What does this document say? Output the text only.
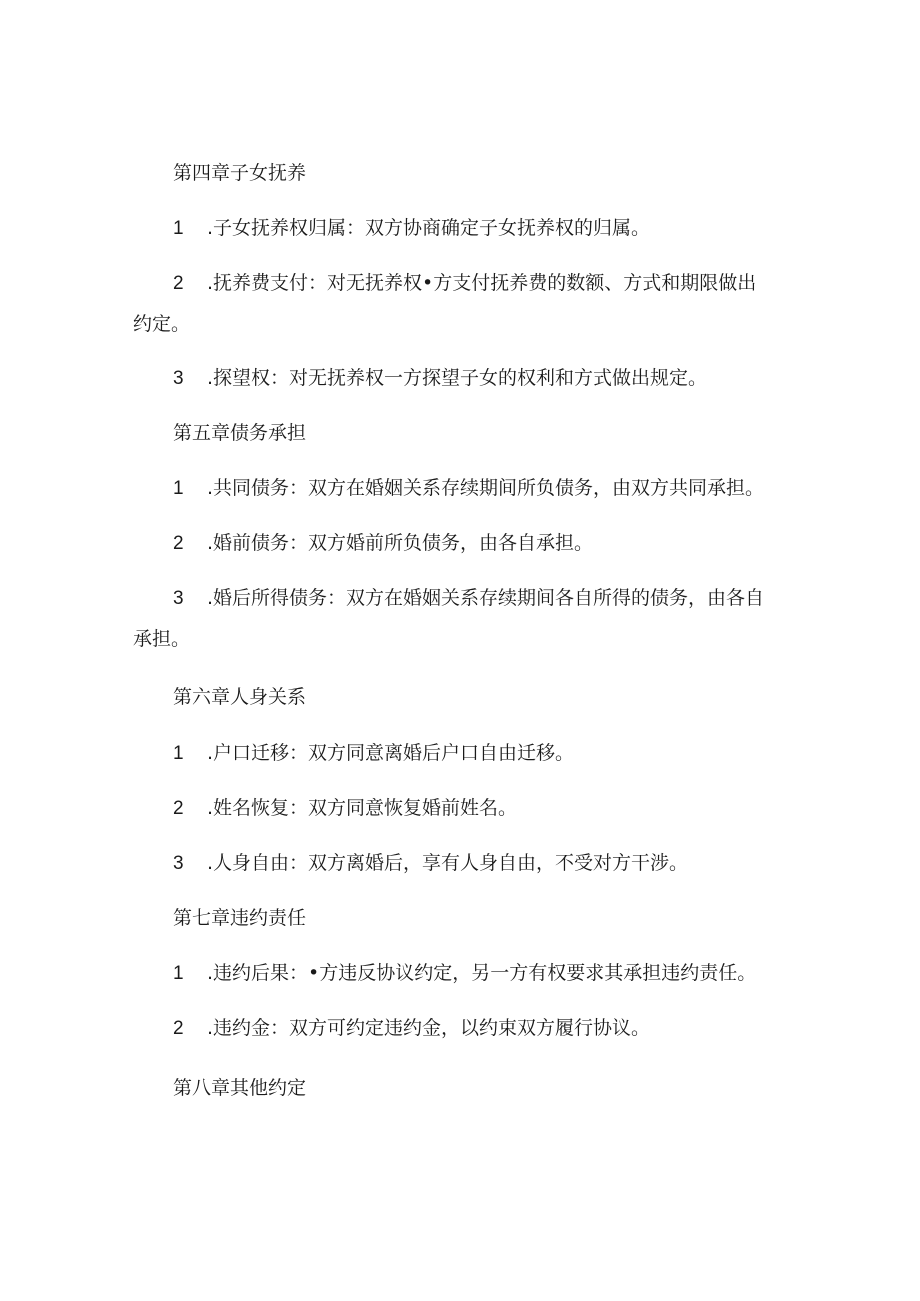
第四章子女抚养
1 .子女抚养权归属：双方协商确定子女抚养权的归属。
2 .抚养费支付：对无抚养权•方支付抚养费的数额、方式和期限做出
约定。
3 .探望权：对无抚养权一方探望子女的权利和方式做出规定。
第五章债务承担
1 .共同债务：双方在婚姻关系存续期间所负债务，由双方共同承担。
2 .婚前债务：双方婚前所负债务，由各自承担。
3 .婚后所得债务：双方在婚姻关系存续期间各自所得的债务，由各自
承担。
第六章人身关系
1 .户口迁移：双方同意离婚后户口自由迁移。
2 .姓名恢复：双方同意恢复婚前姓名。
3 .人身自由：双方离婚后，享有人身自由，不受对方干涉。
第七章违约责任
1 .违约后果：•方违反协议约定，另一方有权要求其承担违约责任。
2 .违约金：双方可约定违约金，以约束双方履行协议。
第八章其他约定
